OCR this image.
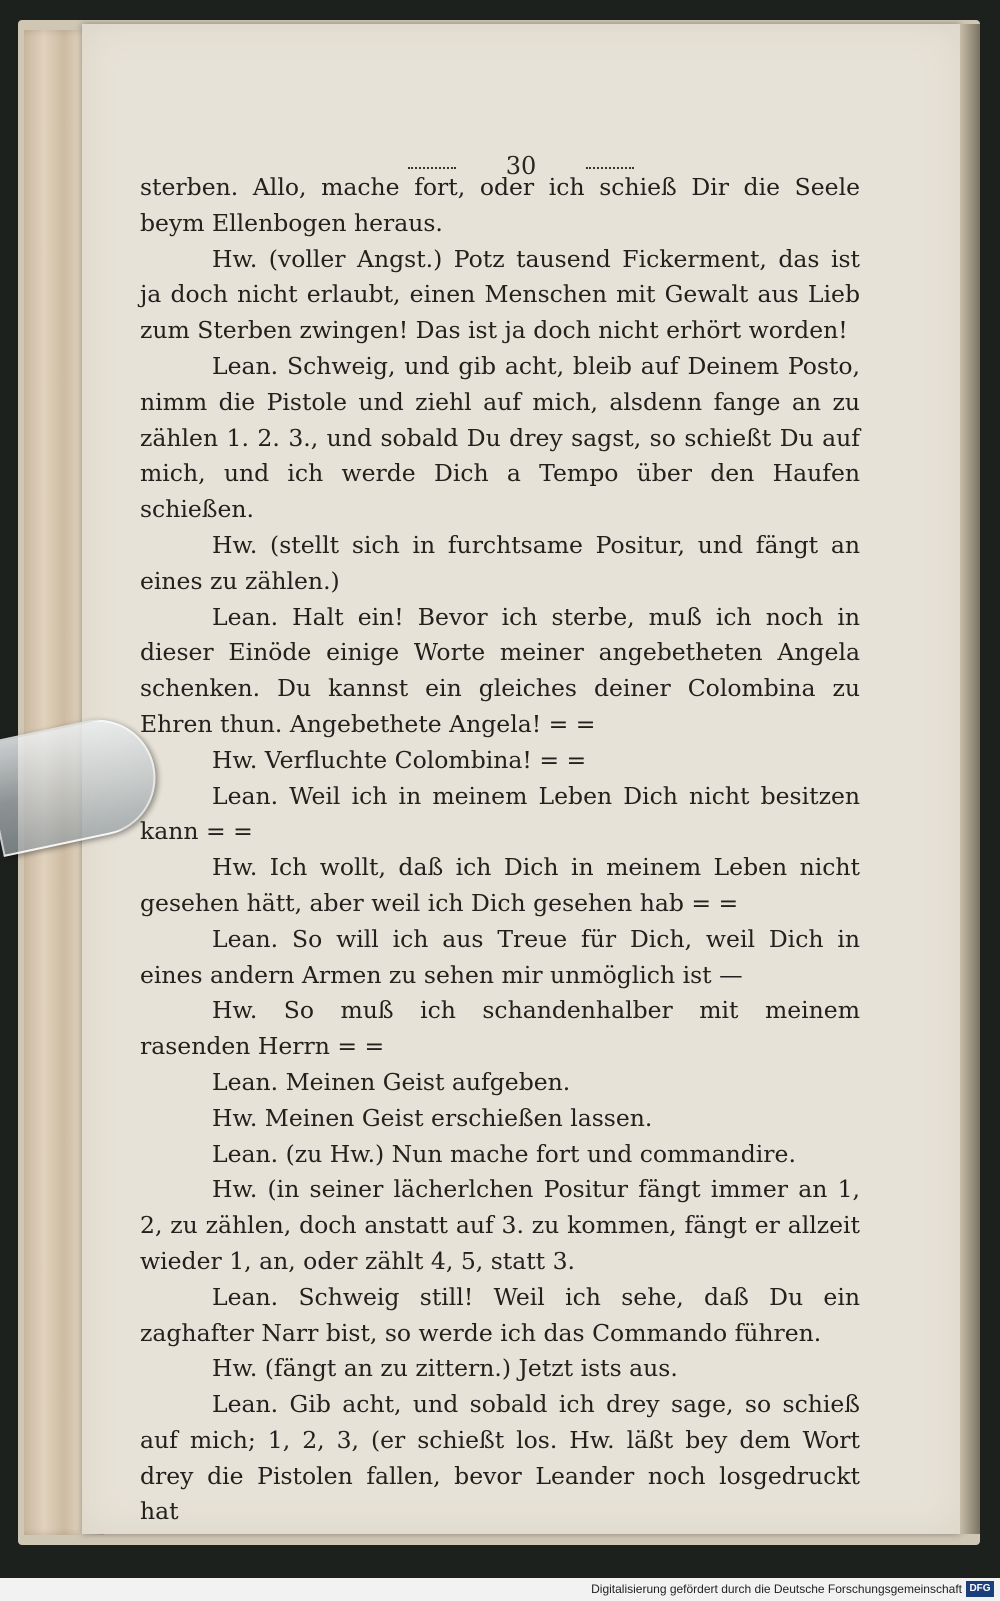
30

sterben. Allo, mache fort, oder ich schieß Dir die Seele beym Ellenbogen heraus.

Hw. (voller Angst.) Potz tausend Fickerment, das ist ja doch nicht erlaubt, einen Menschen mit Gewalt aus Lieb zum Sterben zwingen! Das ist ja doch nicht erhört worden!

Lean. Schweig, und gib acht, bleib auf Deinem Posto, nimm die Pistole und ziehl auf mich, alsdenn fange an zu zählen 1. 2. 3., und sobald Du drey sagst, so schießt Du auf mich, und ich werde Dich a Tempo über den Haufen schießen.

Hw. (stellt sich in furchtsame Positur, und fängt an eines zu zählen.)

Lean. Halt ein! Bevor ich sterbe, muß ich noch in dieser Einöde einige Worte meiner angebetheten Angela schenken. Du kannst ein gleiches deiner Colombina zu Ehren thun. Angebethete Angela! = =

Hw. Verfluchte Colombina! = =

Lean. Weil ich in meinem Leben Dich nicht besitzen kann = =

Hw. Ich wollt, daß ich Dich in meinem Leben nicht gesehen hätt, aber weil ich Dich gesehen hab = =

Lean. So will ich aus Treue für Dich, weil Dich in eines andern Armen zu sehen mir unmöglich ist —

Hw. So muß ich schandenhalber mit meinem rasenden Herrn = =

Lean. Meinen Geist aufgeben.

Hw. Meinen Geist erschießen lassen.

Lean. (zu Hw.) Nun mache fort und commandire.

Hw. (in seiner lächerlchen Positur fängt immer an 1, 2, zu zählen, doch anstatt auf 3. zu kommen, fängt er allzeit wieder 1, an, oder zählt 4, 5, statt 3.

Lean. Schweig still! Weil ich sehe, daß Du ein zaghafter Narr bist, so werde ich das Commando führen.

Hw. (fängt an zu zittern.) Jetzt ists aus.

Lean. Gib acht, und sobald ich drey sage, so schieß auf mich; 1, 2, 3, (er schießt los. Hw. läßt bey dem Wort drey die Pistolen fallen, bevor Leander noch losgedruckt hat

Digitalisierung gefördert durch die Deutsche Forschungsgemeinschaft DFG
